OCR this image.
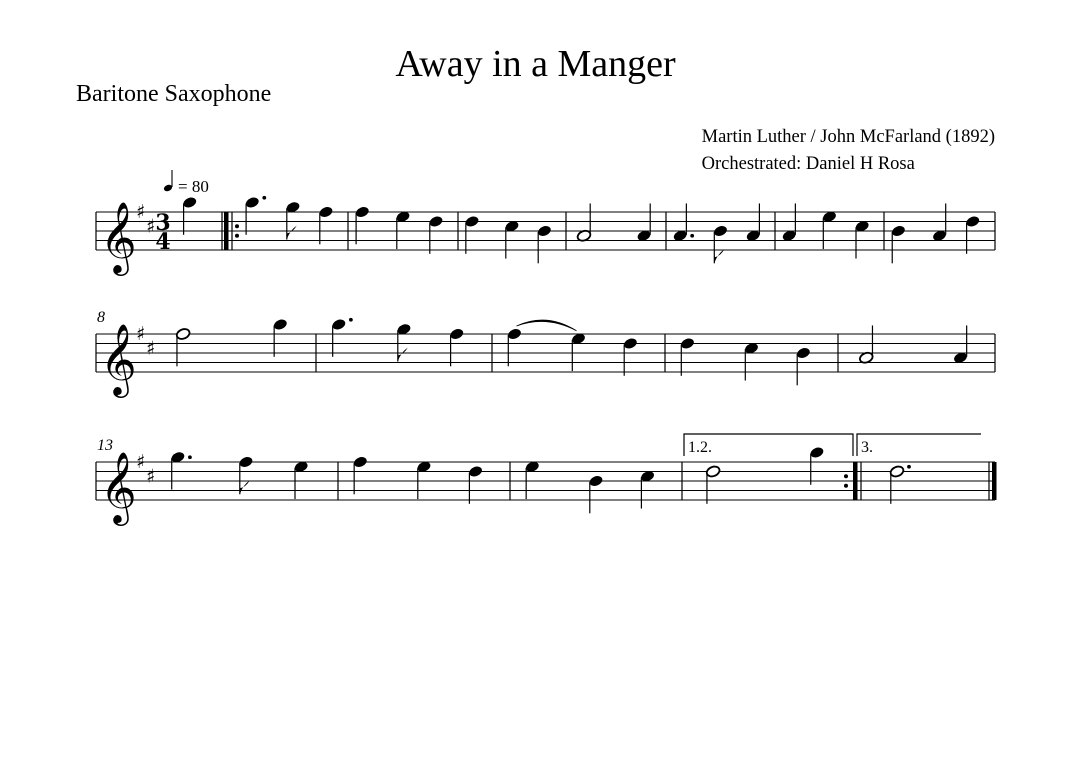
Away in a Manger
Baritone Saxophone
Martin Luther / John McFarland (1892)
Orchestrated: Daniel H Rosa
𝄞 ♯
♯ 3
4
= 80
𝄞 ♯
♯
8
𝄞 ♯
♯
13	1.2.	3.
